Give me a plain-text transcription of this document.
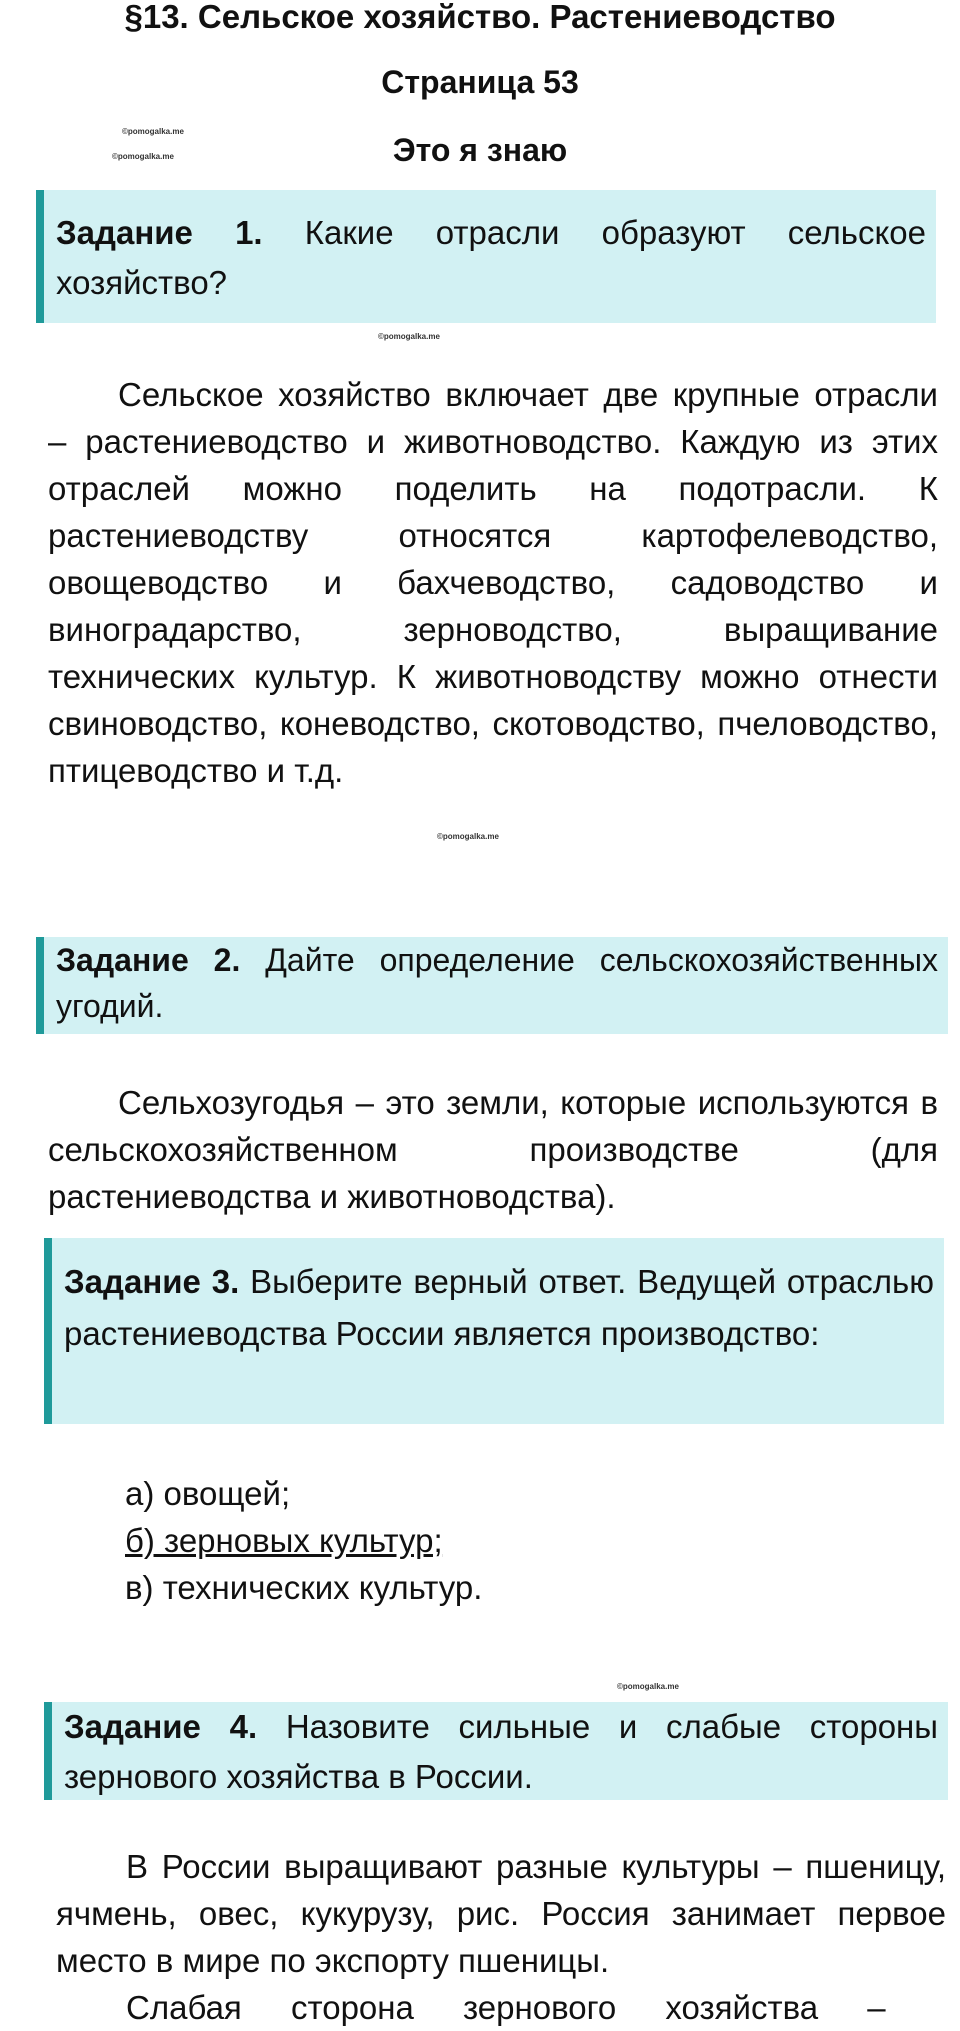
§13. Сельское хозяйство. Растениеводство
Страница 53
Это я знаю
©pomogalka.me
©pomogalka.me
Задание 1. Какие отрасли образуют сельское хозяйство?
©pomogalka.me
Сельское хозяйство включает две крупные отрасли – растениеводство и животноводство. Каждую из этих отраслей можно поделить на подотрасли. К растениеводству относятся картофелеводство, овощеводство и бахчеводство, садоводство и виноградарство, зерноводство, выращивание технических культур. К животноводству можно отнести свиноводство, коневодство, скотоводство, пчеловодство, птицеводство и т.д.
©pomogalka.me
Задание 2. Дайте определение сельскохозяйственных угодий.
Сельхозугодья – это земли, которые используются в сельскохозяйственном производстве (для растениеводства и животноводства).
Задание 3. Выберите верный ответ. Ведущей отраслью растениеводства России является производство:
а) овощей;
б) зерновых культур;
в) технических культур.
©pomogalka.me
Задание 4. Назовите сильные и слабые стороны зернового хозяйства в России.
В России выращивают разные культуры – пшеницу, ячмень, овес, кукурузу, рис. Россия занимает первое место в мире по экспорту пшеницы.
Слабая сторона зернового хозяйства –
